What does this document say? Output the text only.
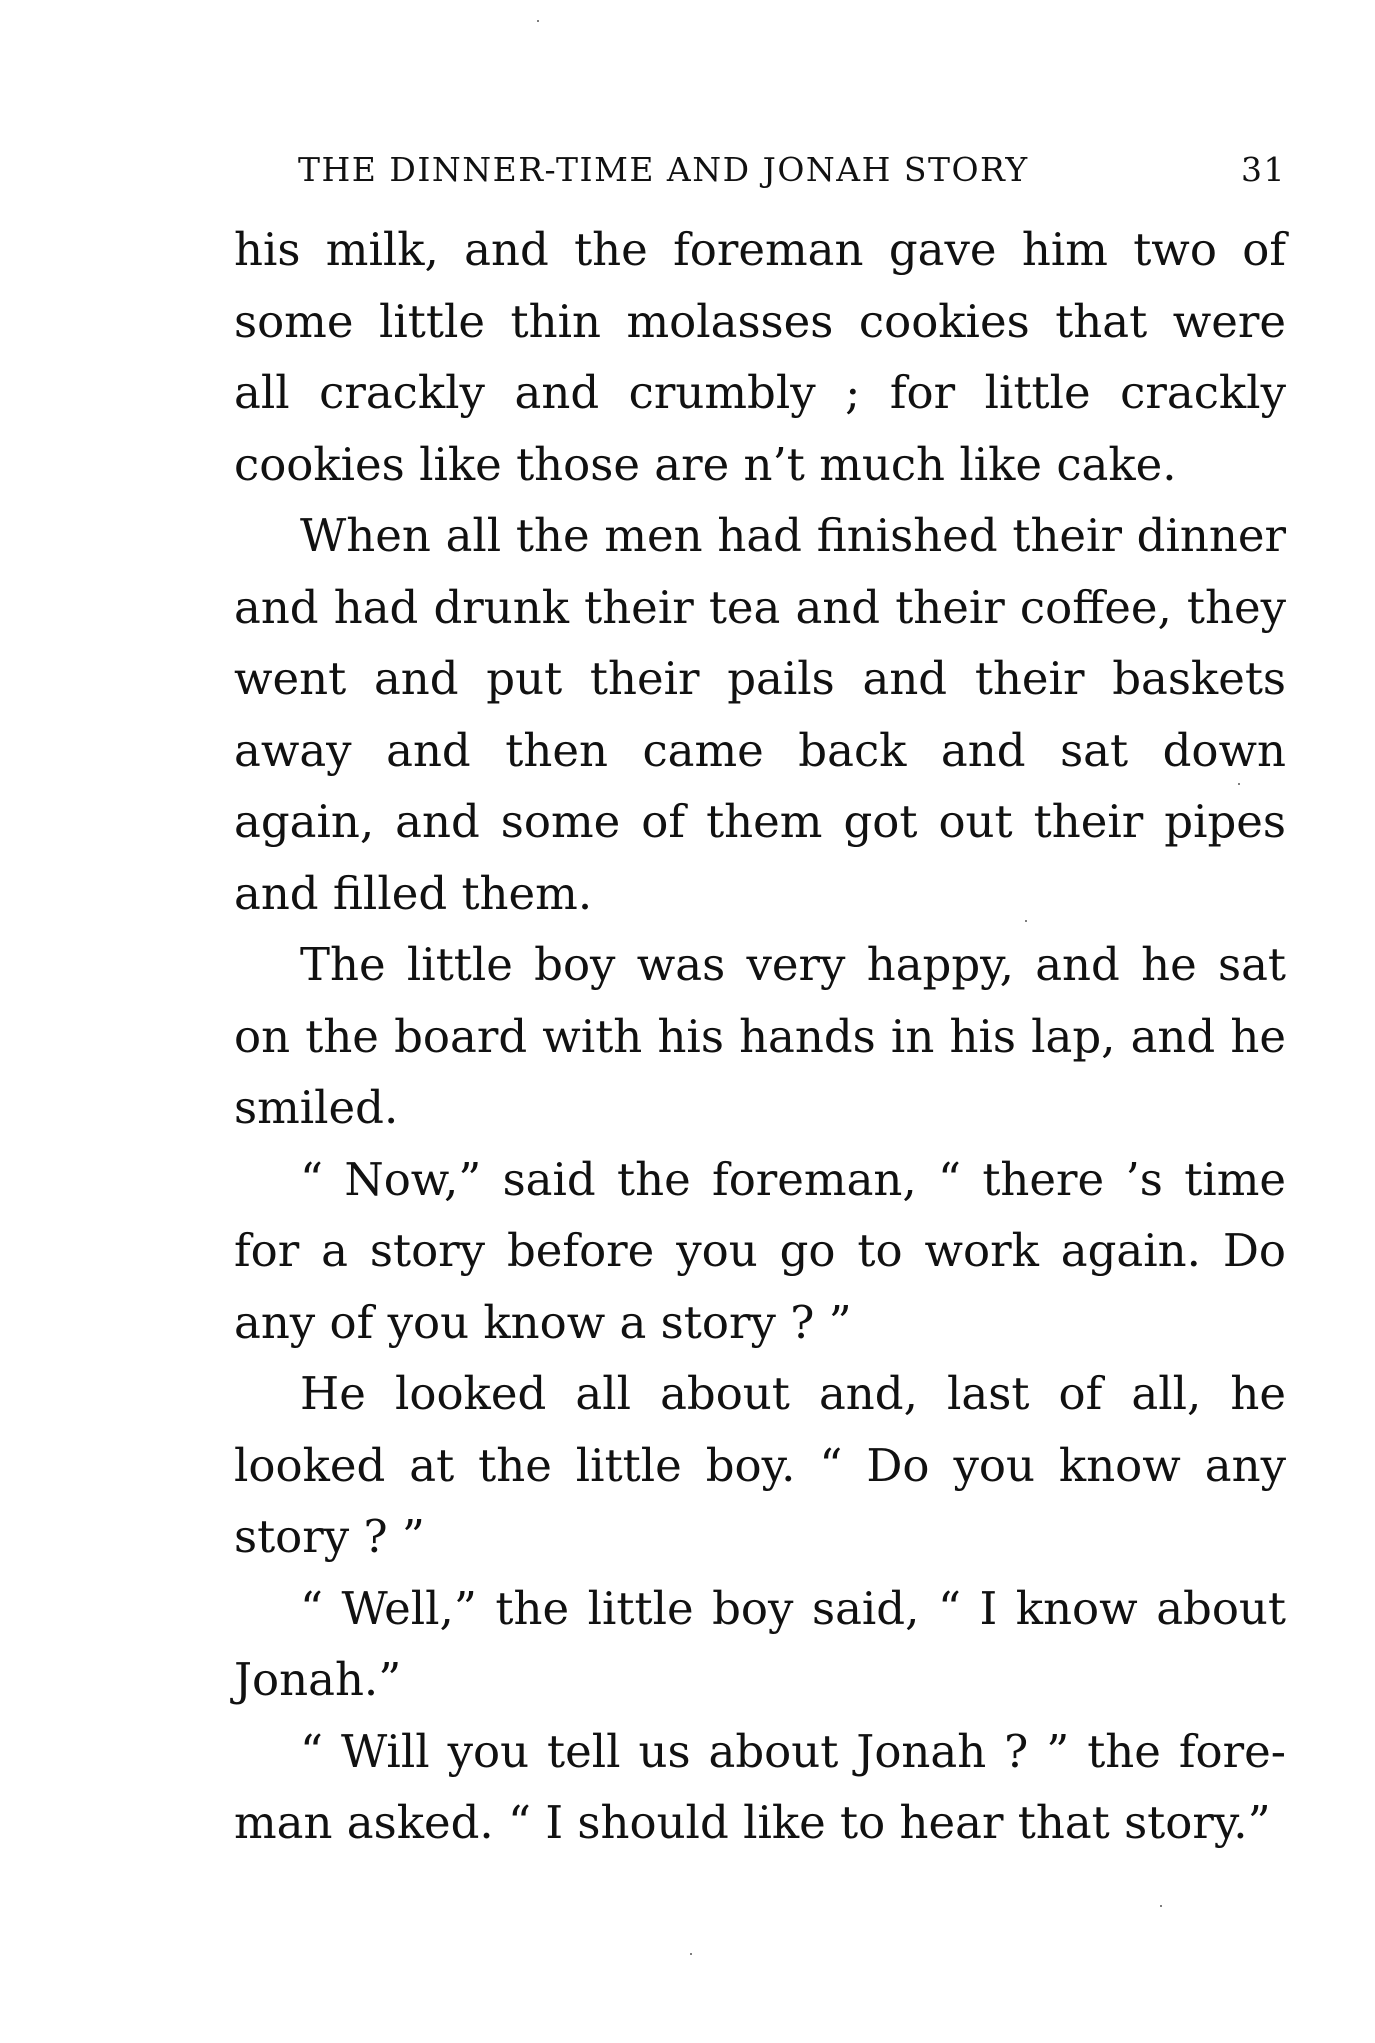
THE DINNER-TIME AND JONAH STORY	31

his milk, and the foreman gave him two of some little thin molasses cookies that were all crackly and crumbly ; for little crackly cookies like those are n’t much like cake.

When all the men had finished their dinner and had drunk their tea and their coffee, they went and put their pails and their baskets away and then came back and sat down again, and some of them got out their pipes and filled them.

The little boy was very happy, and he sat on the board with his hands in his lap, and he smiled.

“ Now,” said the foreman, “ there ’s time for a story before you go to work again. Do any of you know a story ? ”

He looked all about and, last of all, he looked at the little boy. “ Do you know any story ? ”

“ Well,” the little boy said, “ I know about Jonah.”

“ Will you tell us about Jonah ? ” the foreman asked. “ I should like to hear that story.”
